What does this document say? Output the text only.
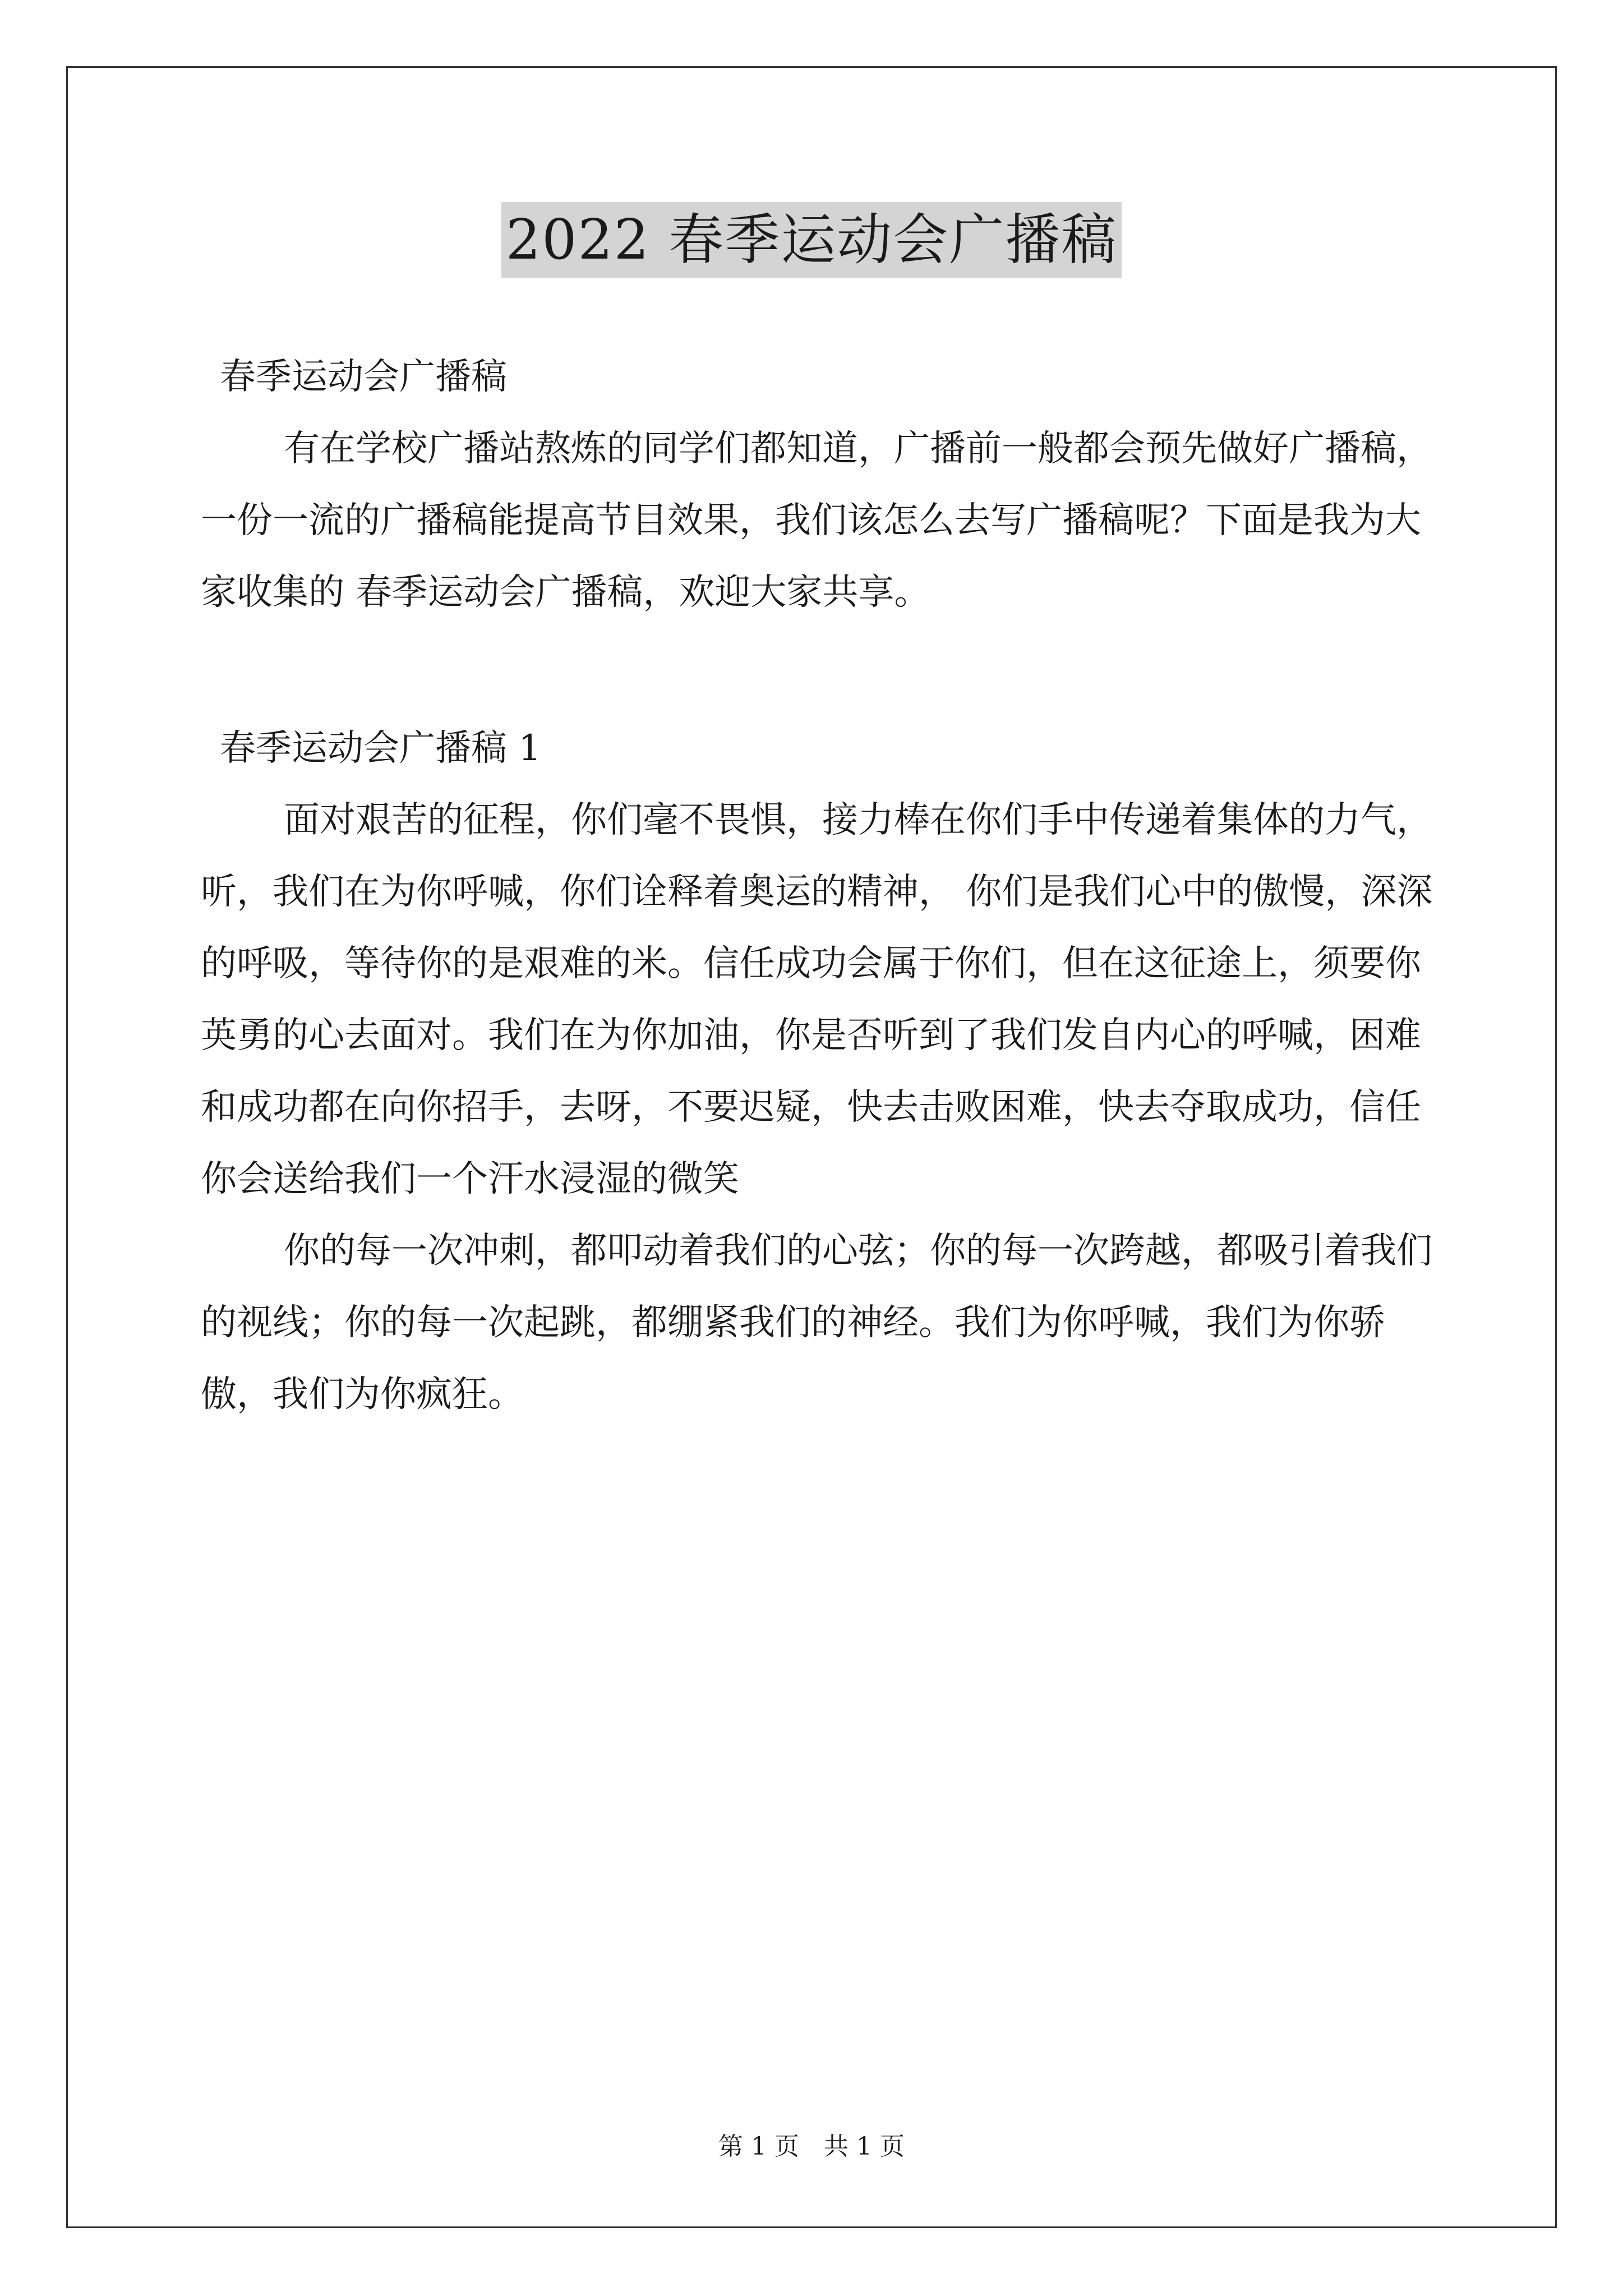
2022 春季运动会广播稿

春季运动会广播稿

有在学校广播站熬炼的同学们都知道，广播前一般都会预先做好广播稿，一份一流的广播稿能提高节目效果，我们该怎么去写广播稿呢？下面是我为大家收集的 春季运动会广播稿，欢迎大家共享。

春季运动会广播稿 1

面对艰苦的征程，你们毫不畏惧，接力棒在你们手中传递着集体的力气，听，我们在为你呼喊，你们诠释着奥运的精神， 你们是我们心中的傲慢，深深的呼吸，等待你的是艰难的米。信任成功会属于你们，但在这征途上，须要你英勇的心去面对。我们在为你加油，你是否听到了我们发自内心的呼喊，困难和成功都在向你招手，去呀，不要迟疑，快去击败困难，快去夺取成功，信任你会送给我们一个汗水浸湿的微笑

你的每一次冲刺，都叩动着我们的心弦；你的每一次跨越，都吸引着我们的视线；你的每一次起跳，都绷紧我们的神经。我们为你呼喊，我们为你骄傲，我们为你疯狂。

第 1 页　共 1 页
